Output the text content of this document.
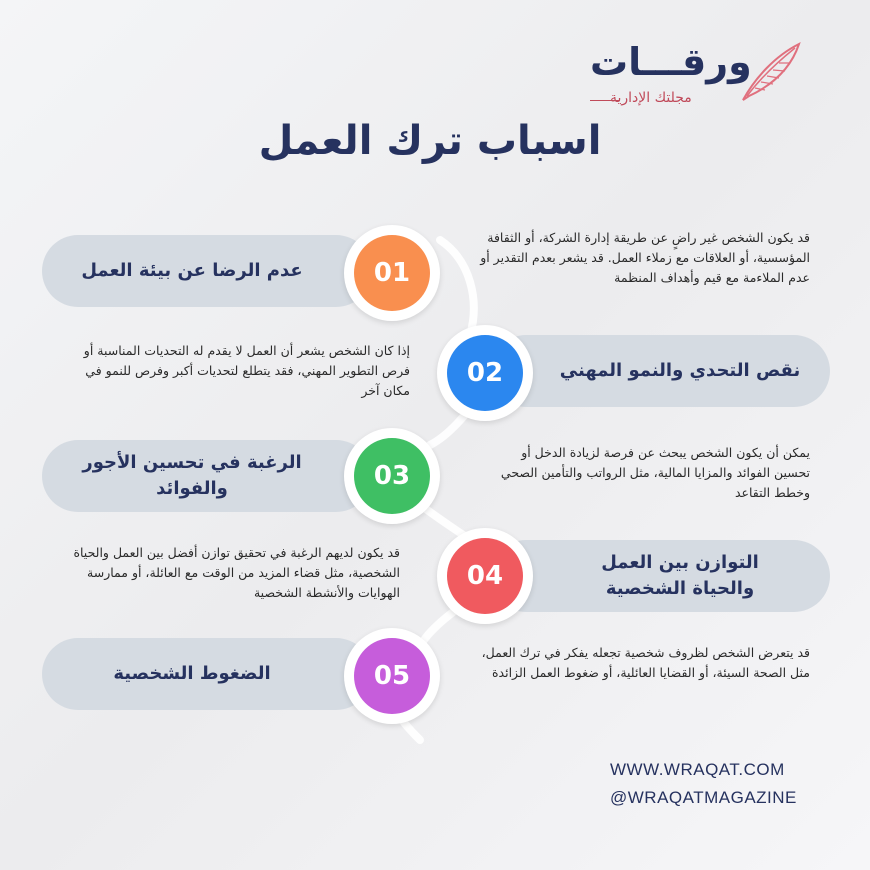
ورقـــات
مجلتك الإدارية
اسباب ترك العمل
عدم الرضا عن بيئة العمل	01
قد يكون الشخص غير راضٍ عن طريقة إدارة الشركة، أو الثقافة المؤسسية، أو العلاقات مع زملاء العمل. قد يشعر بعدم التقدير أو عدم الملاءمة مع قيم وأهداف المنظمة
نقص التحدي والنمو المهني
02
إذا كان الشخص يشعر أن العمل لا يقدم له التحديات المناسبة أو فرص التطوير المهني، فقد يتطلع لتحديات أكبر وفرص للنمو في مكان آخر
الرغبة في تحسين الأجور والفوائد	03
يمكن أن يكون الشخص يبحث عن فرصة لزيادة الدخل أو تحسين الفوائد والمزايا المالية، مثل الرواتب والتأمين الصحي وخطط التقاعد
التوازن بين العمل والحياة الشخصية
04
قد يكون لديهم الرغبة في تحقيق توازن أفضل بين العمل والحياة الشخصية، مثل قضاء المزيد من الوقت مع العائلة، أو ممارسة الهوايات والأنشطة الشخصية
الضغوط الشخصية	05
قد يتعرض الشخص لظروف شخصية تجعله يفكر في ترك العمل، مثل الصحة السيئة، أو القضايا العائلية، أو ضغوط العمل الزائدة
WWW.WRAQAT.COM
@WRAQATMAGAZINE
